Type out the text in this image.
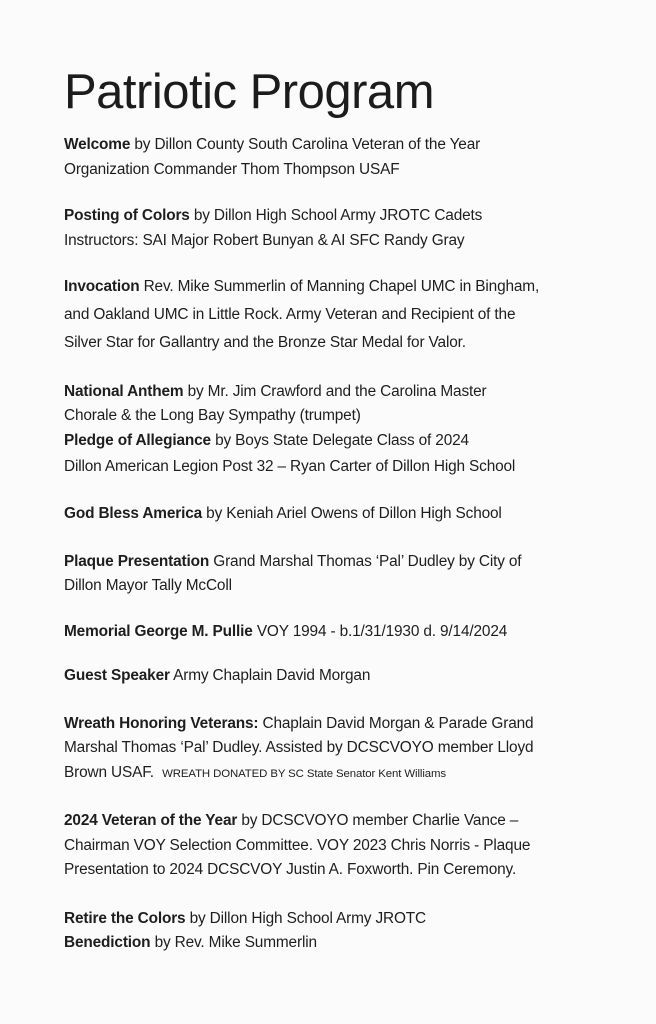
Patriotic Program
Welcome by Dillon County South Carolina Veteran of the Year
Organization Commander Thom Thompson USAF
Posting of Colors by Dillon High School Army JROTC Cadets
Instructors: SAI Major Robert Bunyan & AI SFC Randy Gray
Invocation Rev. Mike Summerlin of Manning Chapel UMC in Bingham,
and Oakland UMC in Little Rock. Army Veteran and Recipient of the
Silver Star for Gallantry and the Bronze Star Medal for Valor.
National Anthem by Mr. Jim Crawford and the Carolina Master
Chorale & the Long Bay Sympathy (trumpet)
Pledge of Allegiance by Boys State Delegate Class of 2024
Dillon American Legion Post 32 – Ryan Carter of Dillon High School
God Bless America by Keniah Ariel Owens of Dillon High School
Plaque Presentation Grand Marshal Thomas ‘Pal’ Dudley by City of
Dillon Mayor Tally McColl
Memorial George M. Pullie VOY 1994 - b.1/31/1930 d. 9/14/2024
Guest Speaker Army Chaplain David Morgan
Wreath Honoring Veterans: Chaplain David Morgan & Parade Grand
Marshal Thomas ‘Pal’ Dudley. Assisted by DCSCVOYO member Lloyd
Brown USAF. WREATH DONATED BY SC State Senator Kent Williams
2024 Veteran of the Year by DCSCVOYO member Charlie Vance –
Chairman VOY Selection Committee. VOY 2023 Chris Norris - Plaque
Presentation to 2024 DCSCVOY Justin A. Foxworth. Pin Ceremony.
Retire the Colors by Dillon High School Army JROTC
Benediction by Rev. Mike Summerlin
